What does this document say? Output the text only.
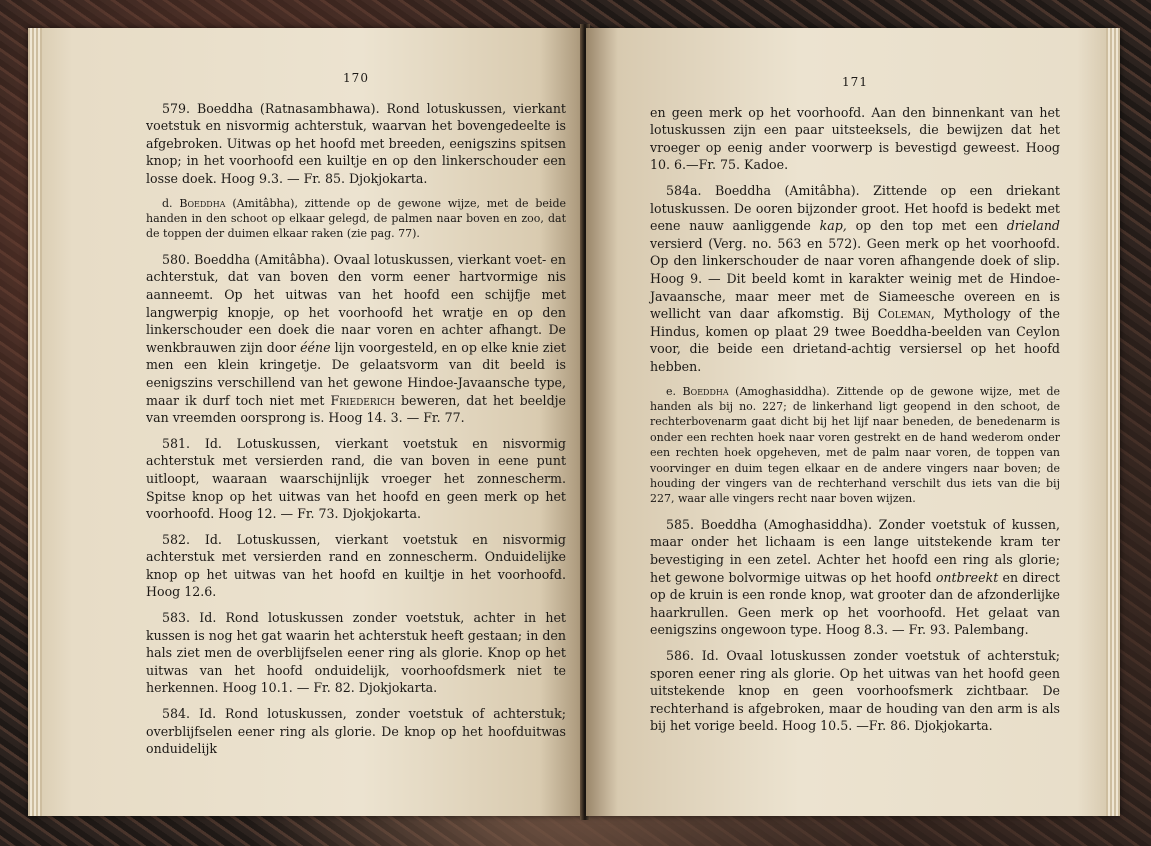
170

579. Boeddha (Ratnasambhawa). Rond lotuskussen, vierkant voetstuk en nisvormig achterstuk, waarvan het bovengedeelte is afgebroken. Uitwas op het hoofd met breeden, eenigszins spitsen knop; in het voorhoofd een kuiltje en op den linkerschouder een losse doek. Hoog 9.3. — Fr. 85. Djokjokarta.

d. Boeddha (Amitâbha), zittende op de gewone wijze, met de beide handen in den schoot op elkaar gelegd, de palmen naar boven en zoo, dat de toppen der duimen elkaar raken (zie pag. 77).

580. Boeddha (Amitâbha). Ovaal lotuskussen, vierkant voet- en achterstuk, dat van boven den vorm eener hartvormige nis aanneemt. Op het uitwas van het hoofd een schijfje met langwerpig knopje, op het voorhoofd het wratje en op den linkerschouder een doek die naar voren en achter afhangt. De wenkbrauwen zijn door ééne lijn voorgesteld, en op elke knie ziet men een klein kringetje. De gelaatsvorm van dit beeld is eenigszins verschillend van het gewone Hindoe-Javaansche type, maar ik durf toch niet met Friederich beweren, dat het beeldje van vreemden oorsprong is. Hoog 14. 3. — Fr. 77.

581. Id. Lotuskussen, vierkant voetstuk en nisvormig achterstuk met versierden rand, die van boven in eene punt uitloopt, waaraan waarschijnlijk vroeger het zonnescherm. Spitse knop op het uitwas van het hoofd en geen merk op het voorhoofd. Hoog 12. — Fr. 73. Djokjokarta.

582. Id. Lotuskussen, vierkant voetstuk en nisvormig achterstuk met versierden rand en zonnescherm. Onduidelijke knop op het uitwas van het hoofd en kuiltje in het voorhoofd. Hoog 12.6.

583. Id. Rond lotuskussen zonder voetstuk, achter in het kussen is nog het gat waarin het achterstuk heeft gestaan; in den hals ziet men de overblijfselen eener ring als glorie. Knop op het uitwas van het hoofd onduidelijk, voorhoofdsmerk niet te herkennen. Hoog 10.1. — Fr. 82. Djokjokarta.

584. Id. Rond lotuskussen, zonder voetstuk of achterstuk; overblijfselen eener ring als glorie. De knop op het hoofduitwas onduidelijk

171

en geen merk op het voorhoofd. Aan den binnenkant van het lotuskussen zijn een paar uitsteeksels, die bewijzen dat het vroeger op eenig ander voorwerp is bevestigd geweest. Hoog 10. 6.—Fr. 75. Kadoe.

584a. Boeddha (Amitâbha). Zittende op een driekant lotuskussen. De ooren bijzonder groot. Het hoofd is bedekt met eene nauw aanliggende kap, op den top met een drieland versierd (Verg. no. 563 en 572). Geen merk op het voorhoofd. Op den linkerschouder de naar voren afhangende doek of slip. Hoog 9. — Dit beeld komt in karakter weinig met de Hindoe-Javaansche, maar meer met de Siameesche overeen en is wellicht van daar afkomstig. Bij Coleman, Mythology of the Hindus, komen op plaat 29 twee Boeddha-beelden van Ceylon voor, die beide een drietand-achtig versiersel op het hoofd hebben.

e. Boeddha (Amoghasiddha). Zittende op de gewone wijze, met de handen als bij no. 227; de linkerhand ligt geopend in den schoot, de rechterbovenarm gaat dicht bij het lijf naar beneden, de benedenarm is onder een rechten hoek naar voren gestrekt en de hand wederom onder een rechten hoek opgeheven, met de palm naar voren, de toppen van voorvinger en duim tegen elkaar en de andere vingers naar boven; de houding der vingers van de rechterhand verschilt dus iets van die bij 227, waar alle vingers recht naar boven wijzen.

585. Boeddha (Amoghasiddha). Zonder voetstuk of kussen, maar onder het lichaam is een lange uitstekende kram ter bevestiging in een zetel. Achter het hoofd een ring als glorie; het gewone bolvormige uitwas op het hoofd ontbreekt en direct op de kruin is een ronde knop, wat grooter dan de afzonderlijke haarkrullen. Geen merk op het voorhoofd. Het gelaat van eenigszins ongewoon type. Hoog 8.3. — Fr. 93. Palembang.

586. Id. Ovaal lotuskussen zonder voetstuk of achterstuk; sporen eener ring als glorie. Op het uitwas van het hoofd geen uitstekende knop en geen voorhoofsmerk zichtbaar. De rechterhand is afgebroken, maar de houding van den arm is als bij het vorige beeld. Hoog 10.5. —Fr. 86. Djokjokarta.
